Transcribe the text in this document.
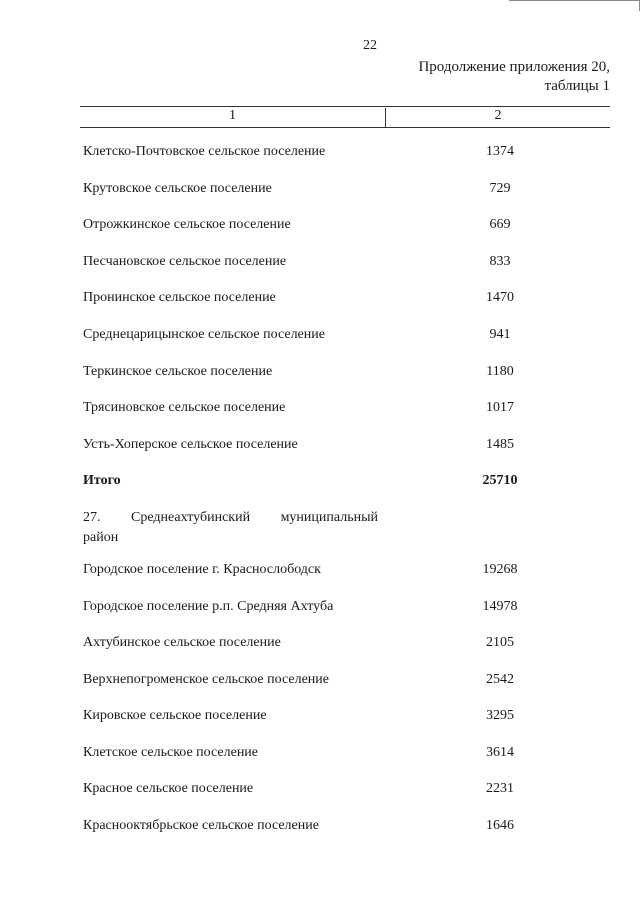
22
Продолжение приложения 20,
таблицы 1
1	2
Клетско-Почтовское сельское поселение	1374
Крутовское сельское поселение	729
Отрожкинское сельское поселение	669
Песчановское сельское поселение	833
Пронинское сельское поселение	1470
Среднецарицынское сельское поселение	941
Теркинское сельское поселение	1180
Трясиновское сельское поселение	1017
Усть-Хоперское сельское поселение	1485
Итого	25710
27. Среднеахтубинский муниципальный
район
Городское поселение г. Краснослободск	19268
Городское поселение р.п. Средняя Ахтуба	14978
Ахтубинское сельское поселение	2105
Верхнепогроменское сельское поселение	2542
Кировское сельское поселение	3295
Клетское сельское поселение	3614
Красное сельское поселение	2231
Краснооктябрьское сельское поселение	1646
